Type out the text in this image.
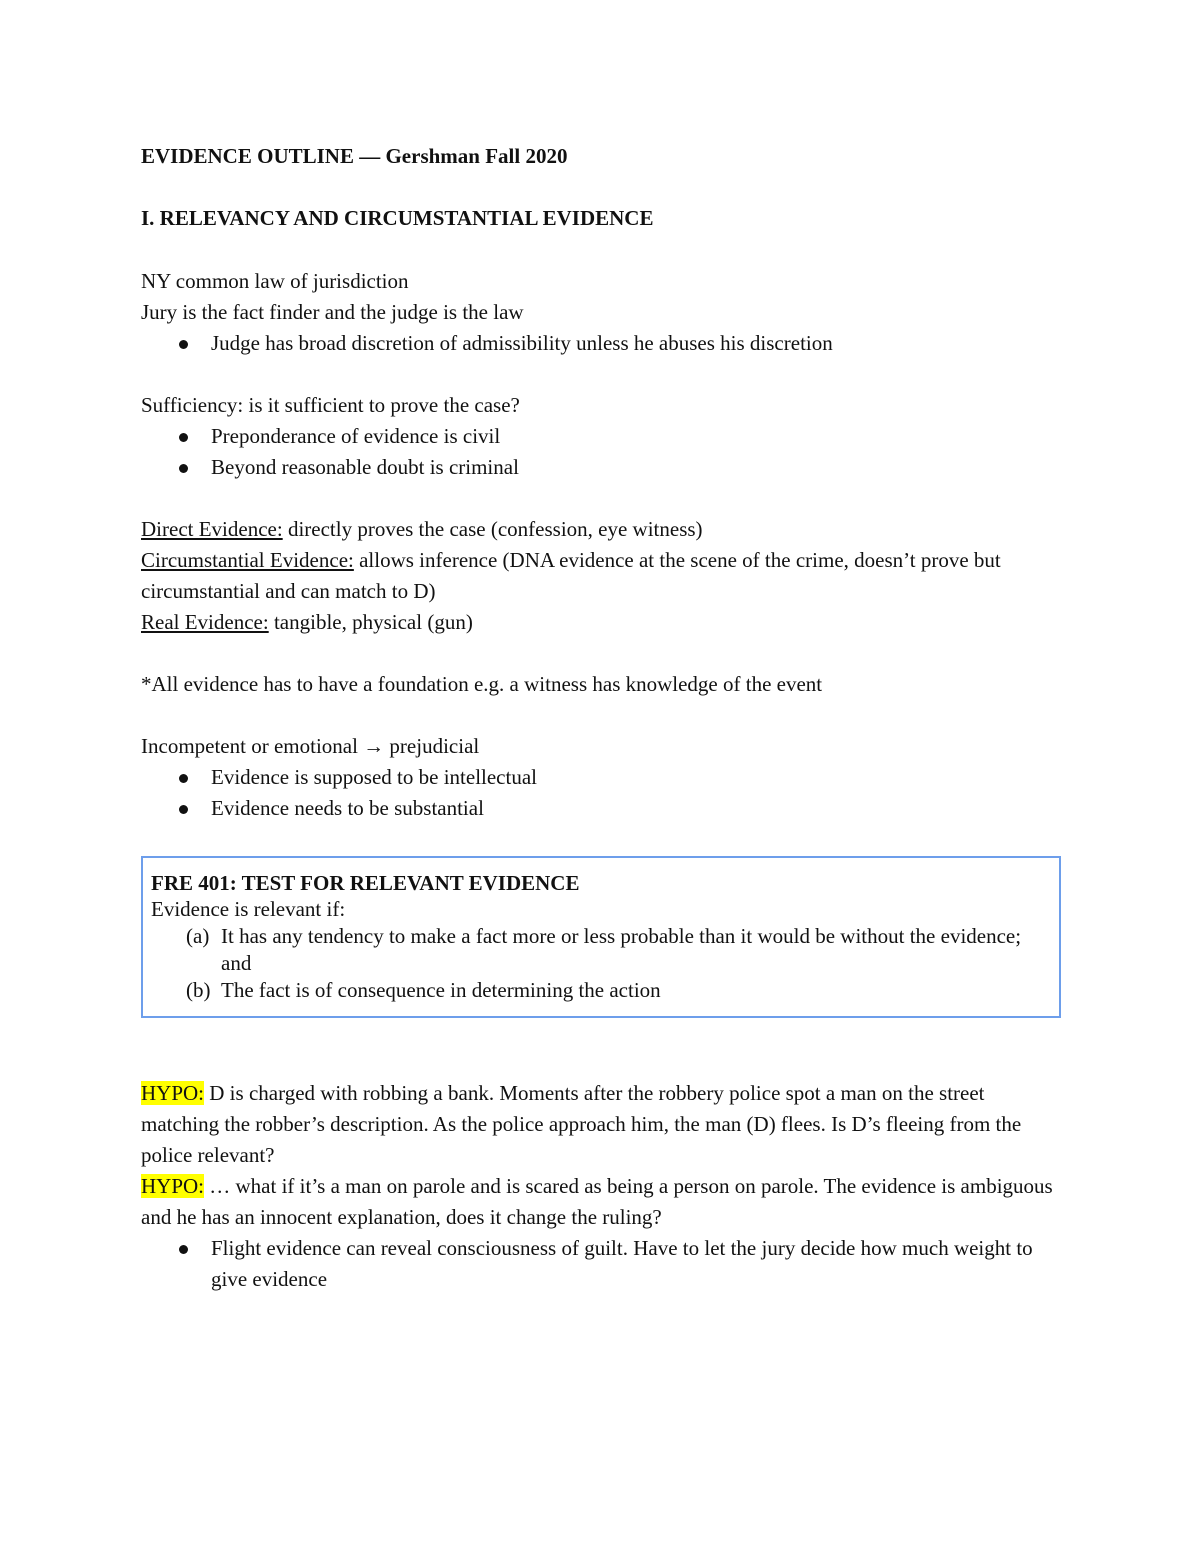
EVIDENCE OUTLINE — Gershman Fall 2020

I. RELEVANCY AND CIRCUMSTANTIAL EVIDENCE

NY common law of jurisdiction

Jury is the fact finder and the judge is the law

Judge has broad discretion of admissibility unless he abuses his discretion

Sufficiency: is it sufficient to prove the case?

Preponderance of evidence is civil
Beyond reasonable doubt is criminal

Direct Evidence: directly proves the case (confession, eye witness)

Circumstantial Evidence: allows inference (DNA evidence at the scene of the crime, doesn’t prove but circumstantial and can match to D)

Real Evidence: tangible, physical (gun)

*All evidence has to have a foundation e.g. a witness has knowledge of the event

Incompetent or emotional → prejudicial

Evidence is supposed to be intellectual
Evidence needs to be substantial

FRE 401: TEST FOR RELEVANT EVIDENCE

Evidence is relevant if:

(a) It has any tendency to make a fact more or less probable than it would be without the evidence; and
(b) The fact is of consequence in determining the action

HYPO: D is charged with robbing a bank. Moments after the robbery police spot a man on the street matching the robber’s description. As the police approach him, the man (D) flees. Is D’s fleeing from the police relevant?

HYPO: … what if it’s a man on parole and is scared as being a person on parole. The evidence is ambiguous and he has an innocent explanation, does it change the ruling?

Flight evidence can reveal consciousness of guilt. Have to let the jury decide how much weight to give evidence
